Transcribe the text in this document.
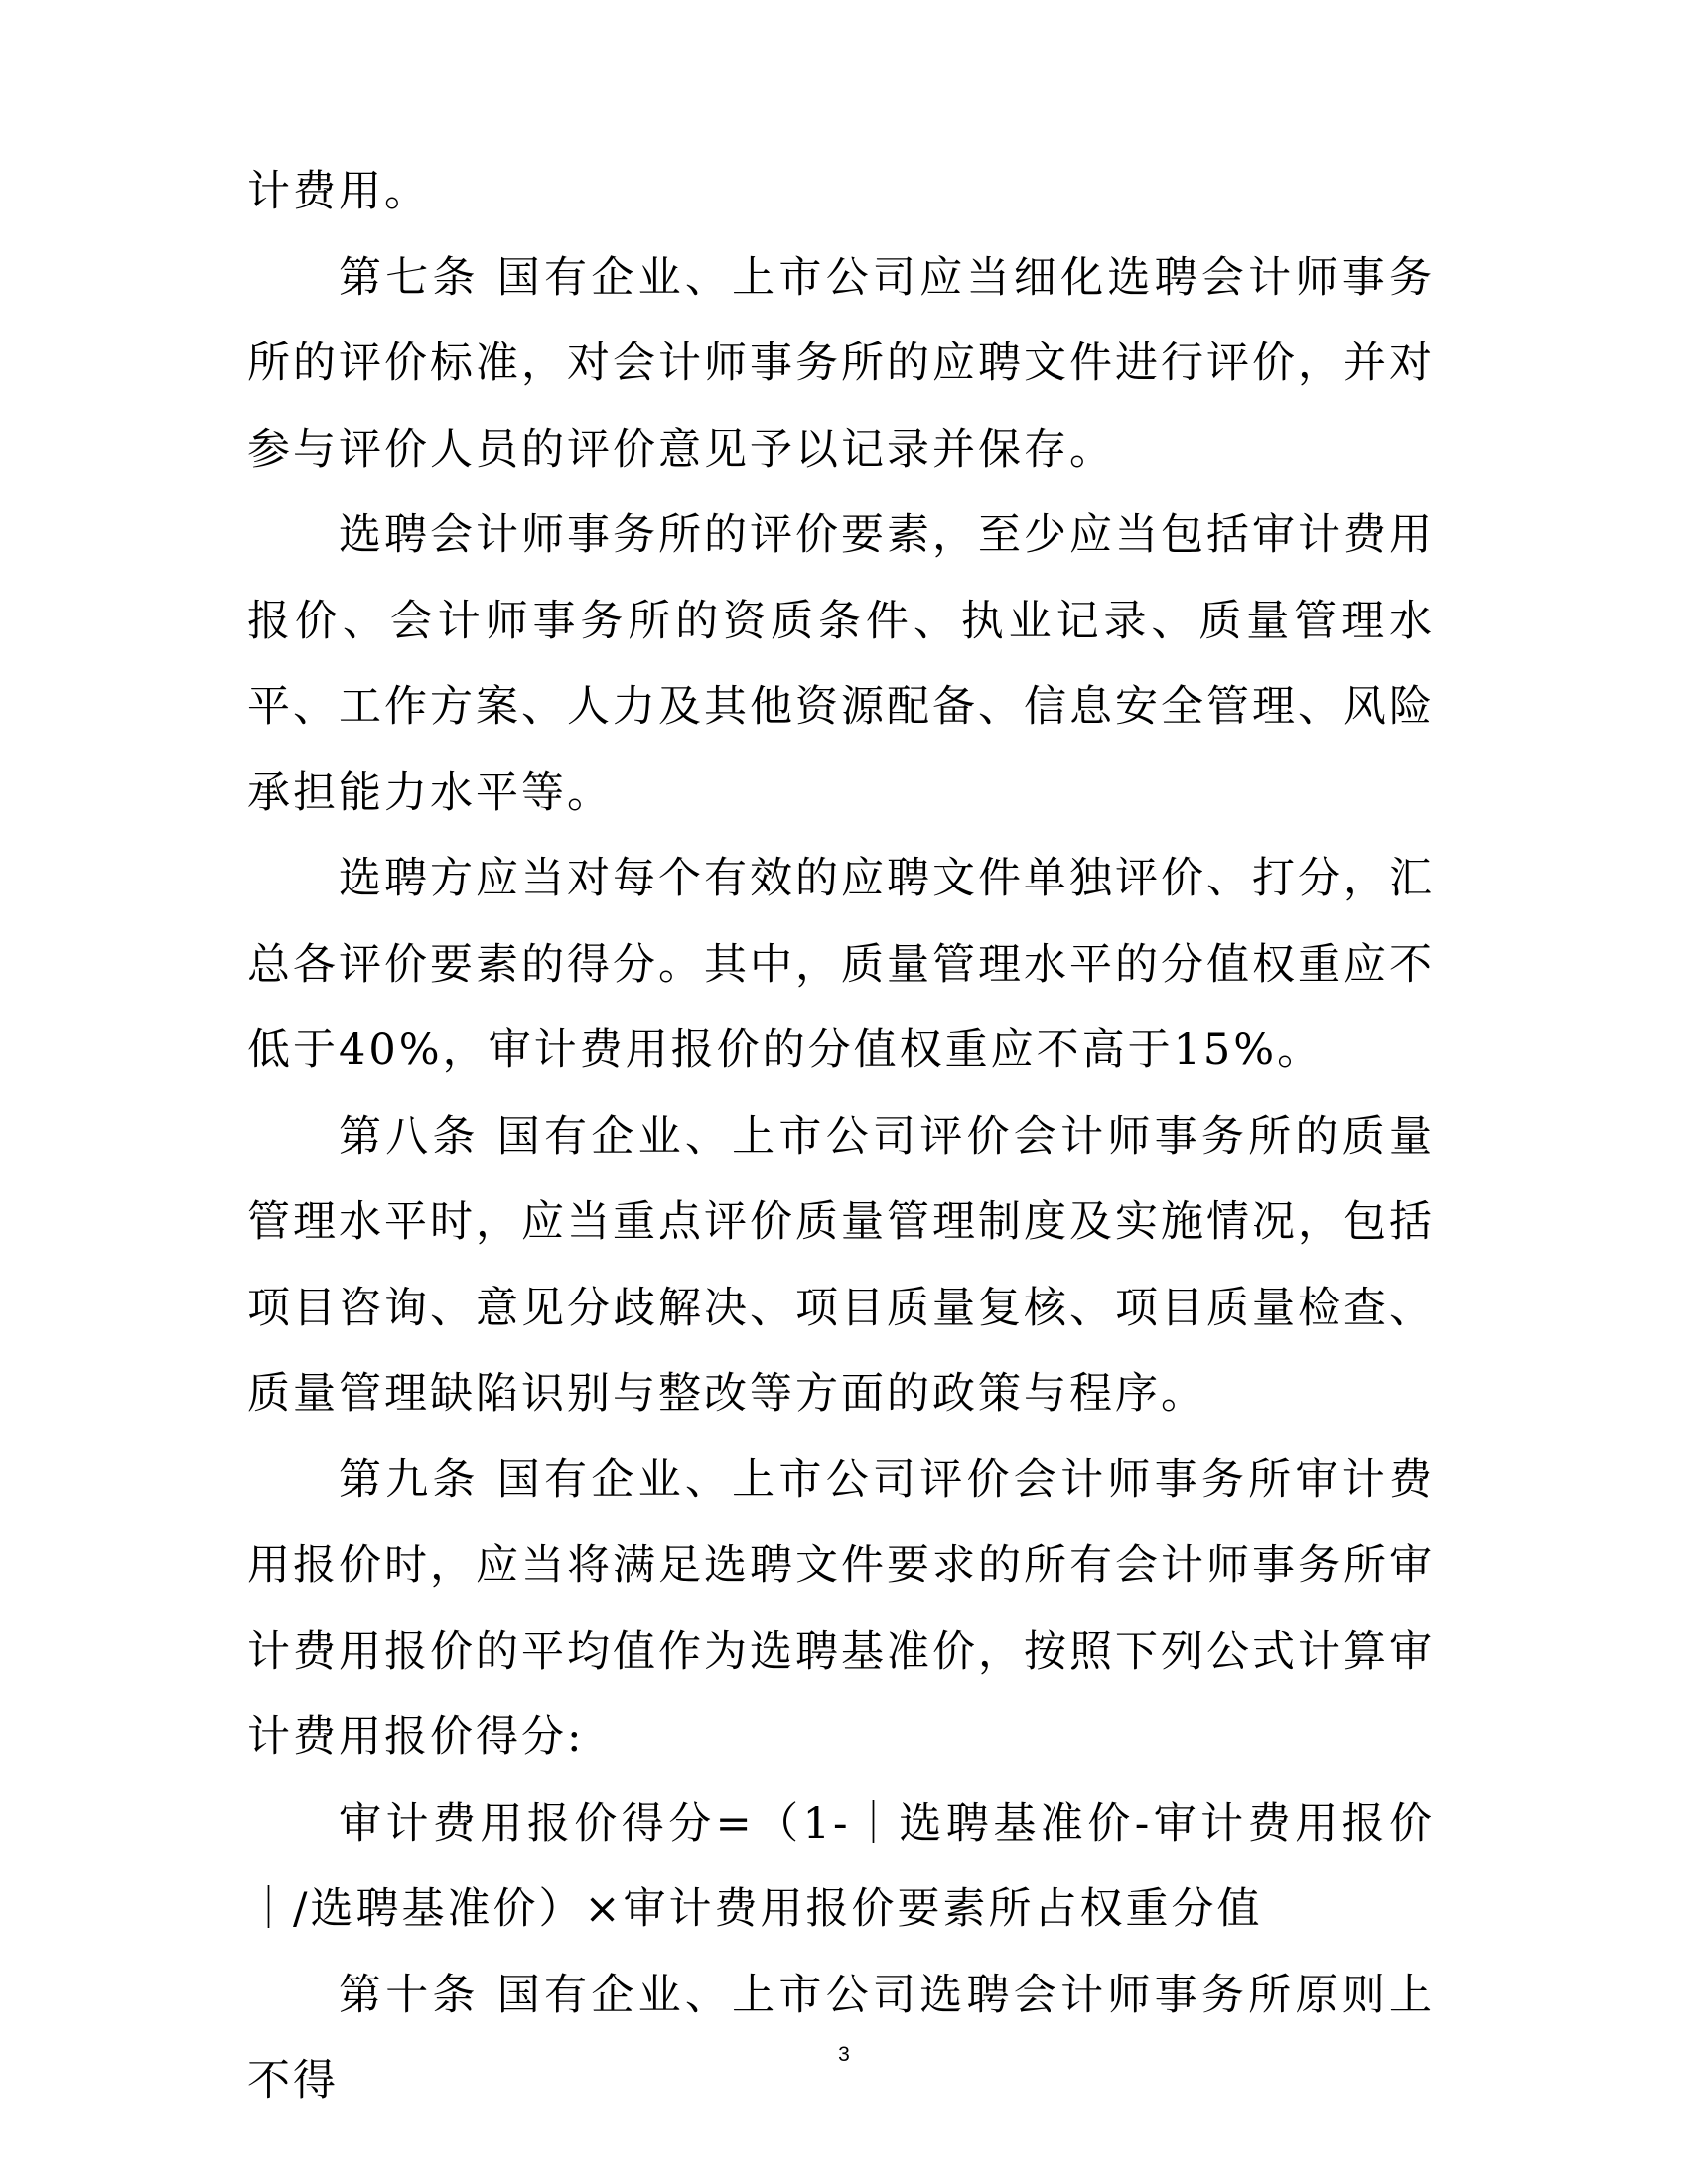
计费用。

第七条 国有企业、上市公司应当细化选聘会计师事务所的评价标准，对会计师事务所的应聘文件进行评价，并对参与评价人员的评价意见予以记录并保存。

选聘会计师事务所的评价要素，至少应当包括审计费用报价、会计师事务所的资质条件、执业记录、质量管理水平、工作方案、人力及其他资源配备、信息安全管理、风险承担能力水平等。

选聘方应当对每个有效的应聘文件单独评价、打分，汇总各评价要素的得分。其中，质量管理水平的分值权重应不低于40%，审计费用报价的分值权重应不高于15%。

第八条 国有企业、上市公司评价会计师事务所的质量管理水平时，应当重点评价质量管理制度及实施情况，包括项目咨询、意见分歧解决、项目质量复核、项目质量检查、质量管理缺陷识别与整改等方面的政策与程序。

第九条 国有企业、上市公司评价会计师事务所审计费用报价时，应当将满足选聘文件要求的所有会计师事务所审计费用报价的平均值作为选聘基准价，按照下列公式计算审计费用报价得分:

审计费用报价得分=（1-｜选聘基准价-审计费用报价｜/选聘基准价）×审计费用报价要素所占权重分值

第十条 国有企业、上市公司选聘会计师事务所原则上不得

3
